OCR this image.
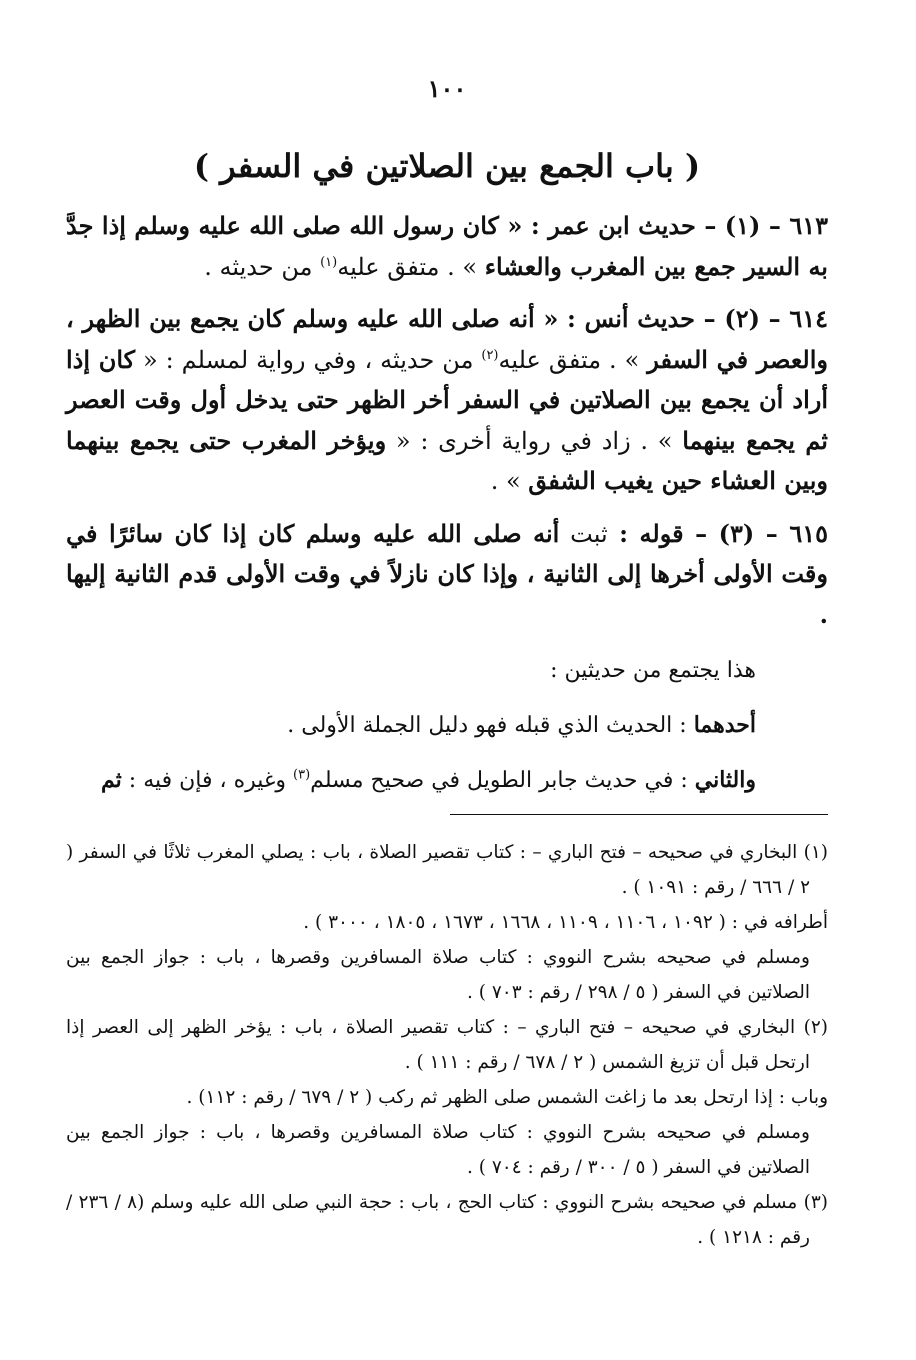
١٠٠
( باب الجمع بين الصلاتين في السفر )

٦١٣ – (١) – حديث ابن عمر : « كان رسول الله صلى الله عليه وسلم إذا جدَّ به السير جمع بين المغرب والعشاء » . متفق عليه$^{(١)}$ من حديثه .

٦١٤ – (٢) – حديث أنس : « أنه صلى الله عليه وسلم كان يجمع بين الظهر ، والعصر في السفر » . متفق عليه$^{(٢)}$ من حديثه ، وفي رواية لمسلم : « كان إذا أراد أن يجمع بين الصلاتين في السفر أخر الظهر حتى يدخل أول وقت العصر ثم يجمع بينهما » . زاد في رواية أخرى : « ويؤخر المغرب حتى يجمع بينهما وبين العشاء حين يغيب الشفق » .

٦١٥ – (٣) – قوله : ثبت أنه صلى الله عليه وسلم كان إذا كان سائرًا في وقت الأولى أخرها إلى الثانية ، وإذا كان نازلاً في وقت الأولى قدم الثانية إليها .

هذا يجتمع من حديثين :

أحدهما : الحديث الذي قبله فهو دليل الجملة الأولى .

والثاني : في حديث جابر الطويل في صحيح مسلم$^{(٣)}$ وغيره ، فإن فيه : ثم

(١) البخاري في صحيحه – فتح الباري – : كتاب تقصير الصلاة ، باب : يصلي المغرب ثلاثًا في السفر ( ٢ / ٦٦٦ / رقم : ١٠٩١ ) .

أطرافه في : ( ١٠٩٢ ، ١١٠٦ ، ١١٠٩ ، ١٦٦٨ ، ١٦٧٣ ، ١٨٠٥ ، ٣٠٠٠ ) .

ومسلم في صحيحه بشرح النووي : كتاب صلاة المسافرين وقصرها ، باب : جواز الجمع بين الصلاتين في السفر ( ٥ / ٢٩٨ / رقم : ٧٠٣ ) .

(٢) البخاري في صحيحه – فتح الباري – : كتاب تقصير الصلاة ، باب : يؤخر الظهر إلى العصر إذا ارتحل قبل أن تزيغ الشمس ( ٢ / ٦٧٨ / رقم : ١١١ ) .

وباب : إذا ارتحل بعد ما زاغت الشمس صلى الظهر ثم ركب ( ٢ / ٦٧٩ / رقم : ١١٢) .

ومسلم في صحيحه بشرح النووي : كتاب صلاة المسافرين وقصرها ، باب : جواز الجمع بين الصلاتين في السفر ( ٥ / ٣٠٠ / رقم : ٧٠٤ ) .

(٣) مسلم في صحيحه بشرح النووي : كتاب الحج ، باب : حجة النبي صلى الله عليه وسلم (٨ / ٢٣٦ / رقم : ١٢١٨ ) .
